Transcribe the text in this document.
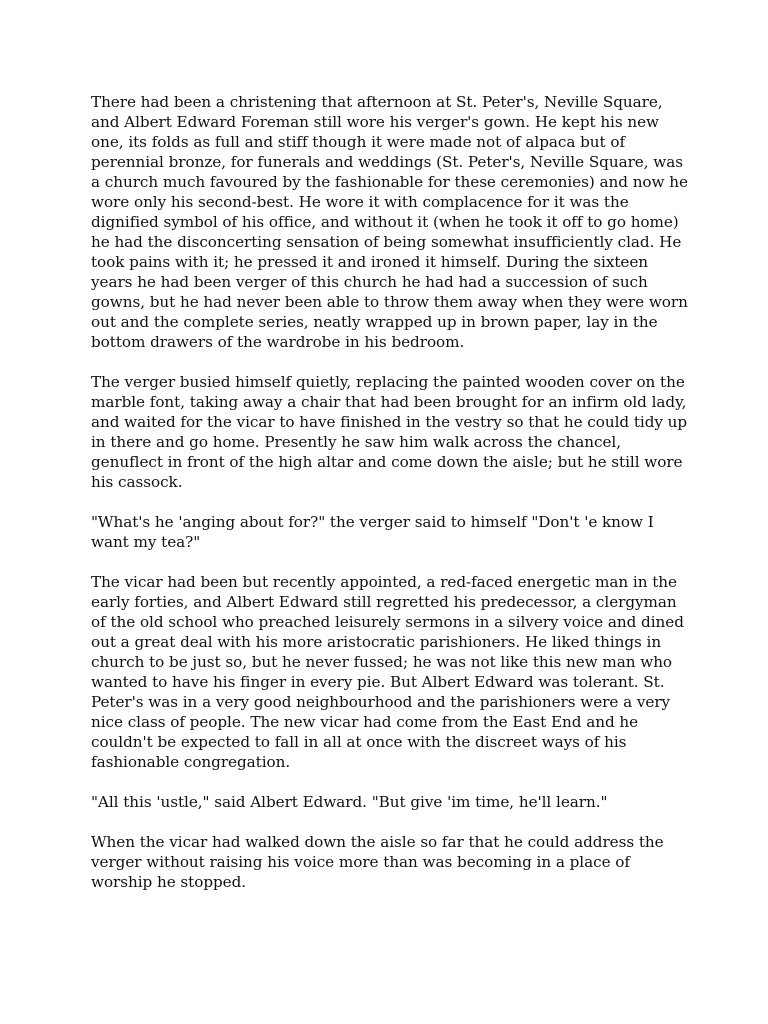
There had been a christening that afternoon at St. Peter's, Neville Square, and Albert Edward Foreman still wore his verger's gown. He kept his new one, its folds as full and stiff though it were made not of alpaca but of perennial bronze, for funerals and weddings (St. Peter's, Neville Square, was a church much favoured by the fashionable for these ceremonies) and now he wore only his second-best. He wore it with complacence for it was the dignified symbol of his office, and without it (when he took it off to go home) he had the disconcerting sensation of being somewhat insufficiently clad. He took pains with it; he pressed it and ironed it himself. During the sixteen years he had been verger of this church he had had a succession of such gowns, but he had never been able to throw them away when they were worn out and the complete series, neatly wrapped up in brown paper, lay in the bottom drawers of the wardrobe in his bedroom.

The verger busied himself quietly, replacing the painted wooden cover on the marble font, taking away a chair that had been brought for an infirm old lady, and waited for the vicar to have finished in the vestry so that he could tidy up in there and go home. Presently he saw him walk across the chancel, genuflect in front of the high altar and come down the aisle; but he still wore his cassock.

"What's he 'anging about for?" the verger said to himself "Don't 'e know I want my tea?"

The vicar had been but recently appointed, a red-faced energetic man in the early forties, and Albert Edward still regretted his predecessor, a clergyman of the old school who preached leisurely sermons in a silvery voice and dined out a great deal with his more aristocratic parishioners. He liked things in church to be just so, but he never fussed; he was not like this new man who wanted to have his finger in every pie. But Albert Edward was tolerant. St. Peter's was in a very good neighbourhood and the parishioners were a very nice class of people. The new vicar had come from the East End and he couldn't be expected to fall in all at once with the discreet ways of his fashionable congregation.

"All this 'ustle," said Albert Edward. "But give 'im time, he'll learn."

When the vicar had walked down the aisle so far that he could address the verger without raising his voice more than was becoming in a place of worship he stopped.
